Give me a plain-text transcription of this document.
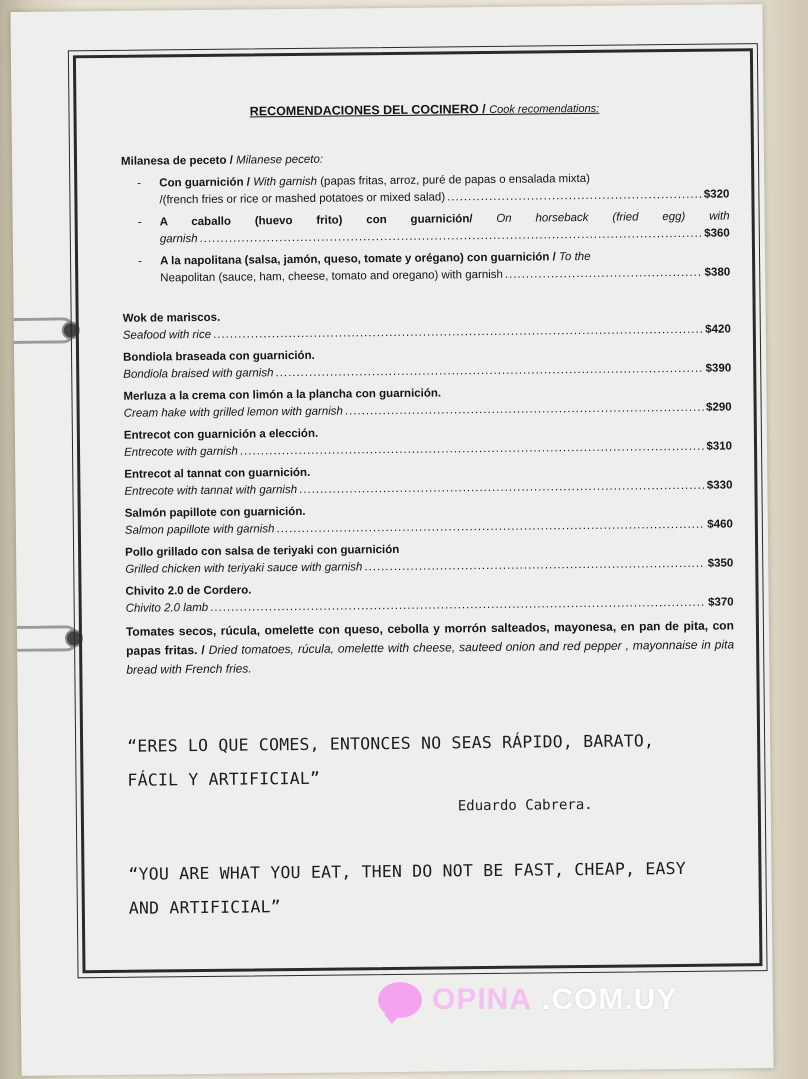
RECOMENDACIONES DEL COCINERO / Cook recomendations:
Milanesa de peceto / Milanese peceto:
- Con guarnición / With garnish (papas fritas, arroz, puré de papas o ensalada mixta)
/(french fries or rice or mashed potatoes or mixed salad) .....	$320
- A caballo (huevo frito) con guarnición/ On horseback (fried egg) with
garnish .....	$360
- A la napolitana (salsa, jamón, queso, tomate y orégano) con guarnición / To the
Neapolitan (sauce, ham, cheese, tomato and oregano) with garnish .....	$380
Wok de mariscos.
Seafood with rice .....	$420
Bondiola braseada con guarnición.
Bondiola braised with garnish .....	$390
Merluza a la crema con limón a la plancha con guarnición.
Cream hake with grilled lemon with garnish .....	$290
Entrecot con guarnición a elección.
Entrecote with garnish .....	$310
Entrecot al tannat con guarnición.
Entrecote with tannat with garnish .....	$330
Salmón papillote con guarnición.
Salmon papillote with garnish .....	$460
Pollo grillado con salsa de teriyaki con guarnición
Grilled chicken with teriyaki sauce with garnish .....	$350
Chivito 2.0 de Cordero.
Chivito 2.0 lamb .....	$370
Tomates secos, rúcula, omelette con queso, cebolla y morrón salteados, mayonesa, en pan de pita, con papas fritas. / Dried tomatoes, rúcula, omelette with cheese, sauteed onion and red pepper , mayonnaise in pita bread with French fries.
“ERES LO QUE COMES, ENTONCES NO SEAS RÁPIDO, BARATO,
FÁCIL Y ARTIFICIAL”
Eduardo Cabrera.
“YOU ARE WHAT YOU EAT, THEN DO NOT BE FAST, CHEAP, EASY
AND ARTIFICIAL”
OPINA .COM.UY
